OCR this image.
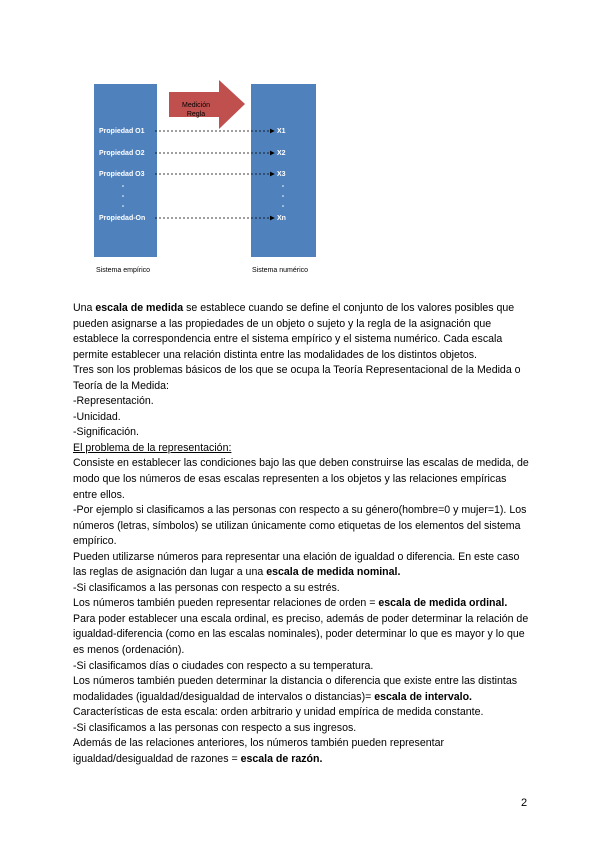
Medición
Regla
Propiedad O1
Propiedad O2
Propiedad O3
Propiedad-On
X1
X2
X3
Xn
Sistema empírico	Sistema numérico

Una escala de medida se establece cuando se define el conjunto de los valores posibles que pueden asignarse a las propiedades de un objeto o sujeto y la regla de la asignación que establece la correspondencia entre el sistema empírico y el sistema numérico. Cada escala permite establecer una relación distinta entre las modalidades de los distintos objetos.

Tres son los problemas básicos de los que se ocupa la Teoría Representacional de la Medida o Teoría de la Medida:

-Representación.

-Unicidad.

-Significación.

El problema de la representación:

Consiste en establecer las condiciones bajo las que deben construirse las escalas de medida, de modo que los números de esas escalas representen a los objetos y las relaciones empíricas entre ellos.

-Por ejemplo si clasificamos a las personas con respecto a su género(hombre=0 y mujer=1). Los números (letras, símbolos) se utilizan únicamente como etiquetas de los elementos del sistema empírico.

Pueden utilizarse números para representar una elación de igualdad o diferencia. En este caso las reglas de asignación dan lugar a una escala de medida nominal.

-Si clasificamos a las personas con respecto a su estrés.

Los números también pueden representar relaciones de orden = escala de medida ordinal.

Para poder establecer una escala ordinal, es preciso, además de poder determinar la relación de igualdad-diferencia (como en las escalas nominales), poder determinar lo que es mayor y lo que es menos (ordenación).

-Si clasificamos días o ciudades con respecto a su temperatura.

Los números también pueden determinar la distancia o diferencia que existe entre las distintas modalidades (igualdad/desigualdad de intervalos o distancias)= escala de intervalo.

Características de esta escala: orden arbitrario y unidad empírica de medida constante.

-Si clasificamos a las personas con respecto a sus ingresos.

Además de las relaciones anteriores, los números también pueden representar igualdad/desigualdad de razones = escala de razón.

2
